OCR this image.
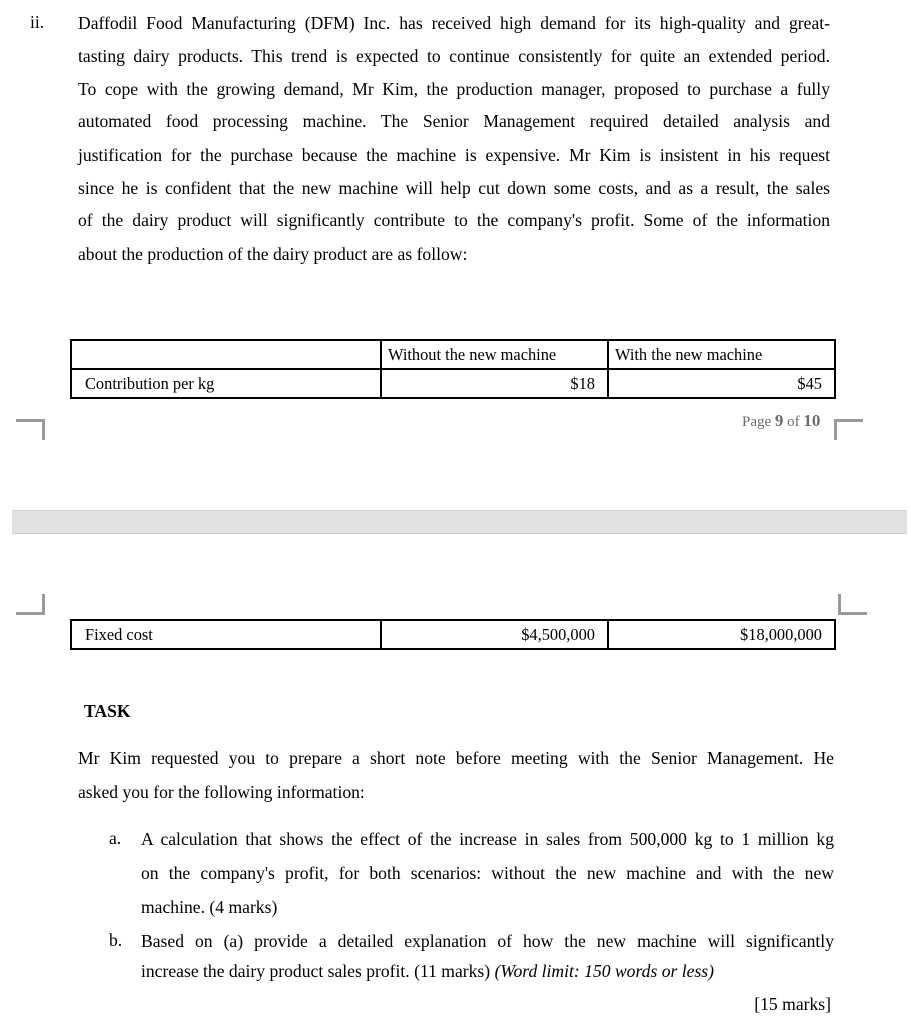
ii. Daffodil Food Manufacturing (DFM) Inc. has received high demand for its high-quality and great-
tasting dairy products. This trend is expected to continue consistently for quite an extended period.
To cope with the growing demand, Mr Kim, the production manager, proposed to purchase a fully
automated food processing machine. The Senior Management required detailed analysis and
justification for the purchase because the machine is expensive. Mr Kim is insistent in his request
since he is confident that the new machine will help cut down some costs, and as a result, the sales
of the dairy product will significantly contribute to the company's profit. Some of the information
about the production of the dairy product are as follow:
	Without the new machine	With the new machine
Contribution per kg	$18	$45
Page 9 of 10
Fixed cost	$4,500,000	$18,000,000
TASK
Mr Kim requested you to prepare a short note before meeting with the Senior Management. He
asked you for the following information:
a. A calculation that shows the effect of the increase in sales from 500,000 kg to 1 million kg
on the company's profit, for both scenarios: without the new machine and with the new
machine. (4 marks)
b. Based on (a) provide a detailed explanation of how the new machine will significantly
increase the dairy product sales profit. (11 marks) (Word limit: 150 words or less)
[15 marks]
